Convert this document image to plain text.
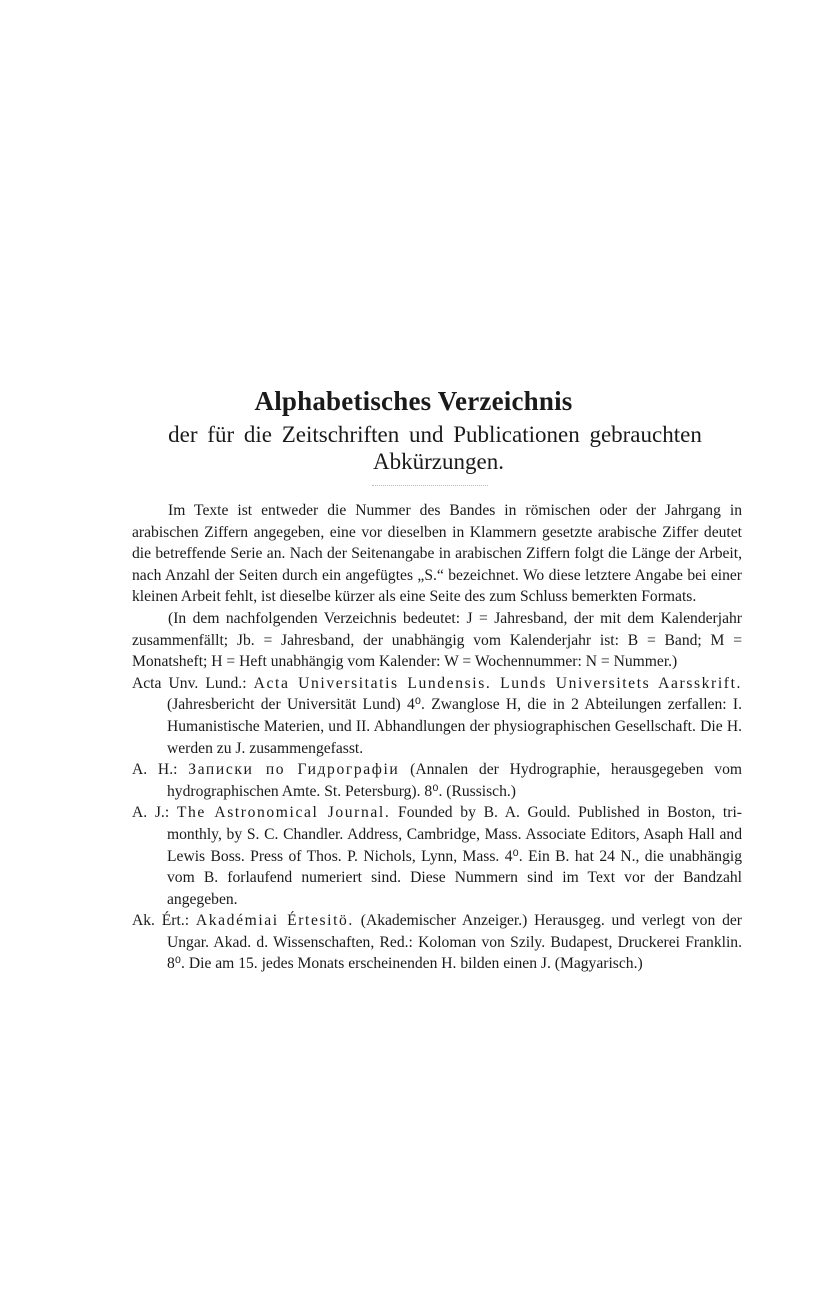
Alphabetisches Verzeichnis
der für die Zeitschriften und Publicationen gebrauchten
Abkürzungen.

Im Texte ist entweder die Nummer des Bandes in römischen oder der Jahrgang in arabischen Ziffern angegeben, eine vor dieselben in Klammern gesetzte arabische Ziffer deutet die betreffende Serie an. Nach der Seitenangabe in arabischen Ziffern folgt die Länge der Arbeit, nach Anzahl der Seiten durch ein angefügtes „S.“ bezeichnet. Wo diese letztere Angabe bei einer kleinen Arbeit fehlt, ist dieselbe kürzer als eine Seite des zum Schluss bemerkten Formats.

(In dem nachfolgenden Verzeichnis bedeutet: J = Jahresband, der mit dem Kalenderjahr zusammenfällt; Jb. = Jahresband, der unabhängig vom Kalenderjahr ist: B = Band; M = Monatsheft; H = Heft unabhängig vom Kalender: W = Wochennummer: N = Nummer.)

Acta Unv. Lund.: Acta Universitatis Lundensis. Lunds Universitets Aarsskrift. (Jahresbericht der Universität Lund) 4⁰. Zwanglose H, die in 2 Abteilungen zerfallen: I. Humanistische Materien, und II. Abhandlungen der physiographischen Gesellschaft. Die H. werden zu J. zusammengefasst.

A. H.: Записки по Гидрографіи (Annalen der Hydrographie, herausgegeben vom hydrographischen Amte. St. Petersburg). 8⁰. (Russisch.)

A. J.: The Astronomical Journal. Founded by B. A. Gould. Published in Boston, tri-monthly, by S. C. Chandler. Address, Cambridge, Mass. Associate Editors, Asaph Hall and Lewis Boss. Press of Thos. P. Nichols, Lynn, Mass. 4⁰. Ein B. hat 24 N., die unabhängig vom B. forlaufend numeriert sind. Diese Nummern sind im Text vor der Bandzahl angegeben.

Ak. Ért.: Akadémiai Értesitö. (Akademischer Anzeiger.) Herausgeg. und verlegt von der Ungar. Akad. d. Wissenschaften, Red.: Koloman von Szily. Budapest, Druckerei Franklin. 8⁰. Die am 15. jedes Monats erscheinenden H. bilden einen J. (Magyarisch.)
